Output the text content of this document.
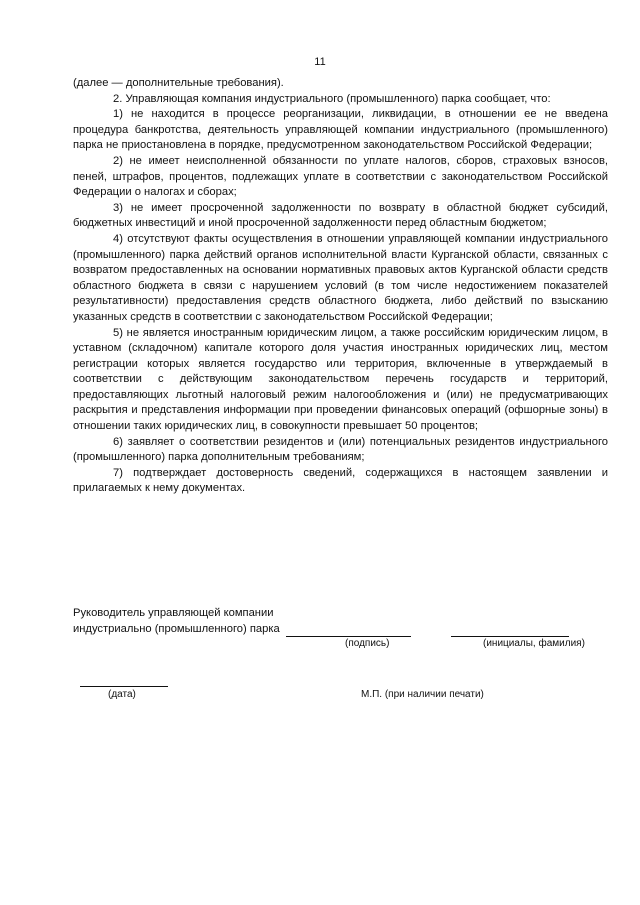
11

(далее — дополнительные требования).

2. Управляющая компания индустриального (промышленного) парка сообщает, что:

1) не находится в процессе реорганизации, ликвидации, в отношении ее не введена процедура банкротства, деятельность управляющей компании индустриального (промышленного) парка не приостановлена в порядке, предусмотренном законодательством Российской Федерации;

2) не имеет неисполненной обязанности по уплате налогов, сборов, страховых взносов, пеней, штрафов, процентов, подлежащих уплате в соответствии с законодательством Российской Федерации о налогах и сборах;

3) не имеет просроченной задолженности по возврату в областной бюджет субсидий, бюджетных инвестиций и иной просроченной задолженности перед областным бюджетом;

4) отсутствуют факты осуществления в отношении управляющей компании индустриального (промышленного) парка действий органов исполнительной власти Курганской области, связанных с возвратом предоставленных на основании нормативных правовых актов Курганской области средств областного бюджета в связи с нарушением условий (в том числе недостижением показателей результативности) предоставления средств областного бюджета, либо действий по взысканию указанных средств в соответствии с законодательством Российской Федерации;

5) не является иностранным юридическим лицом, а также российским юридическим лицом, в уставном (складочном) капитале которого доля участия иностранных юридических лиц, местом регистрации которых является государство или территория, включенные в утверждаемый в соответствии с действующим законодательством перечень государств и территорий, предоставляющих льготный налоговый режим налогообложения и (или) не предусматривающих раскрытия и представления информации при проведении финансовых операций (офшорные зоны) в отношении таких юридических лиц, в совокупности превышает 50 процентов;

6) заявляет о соответствии резидентов и (или) потенциальных резидентов индустриального (промышленного) парка дополнительным требованиям;

7) подтверждает достоверность сведений, содержащихся в настоящем заявлении и прилагаемых к нему документах.

Руководитель управляющей компании

индустриально (промышленного) парка

(подпись)	(инициалы, фамилия)
(дата)	М.П. (при наличии печати)
